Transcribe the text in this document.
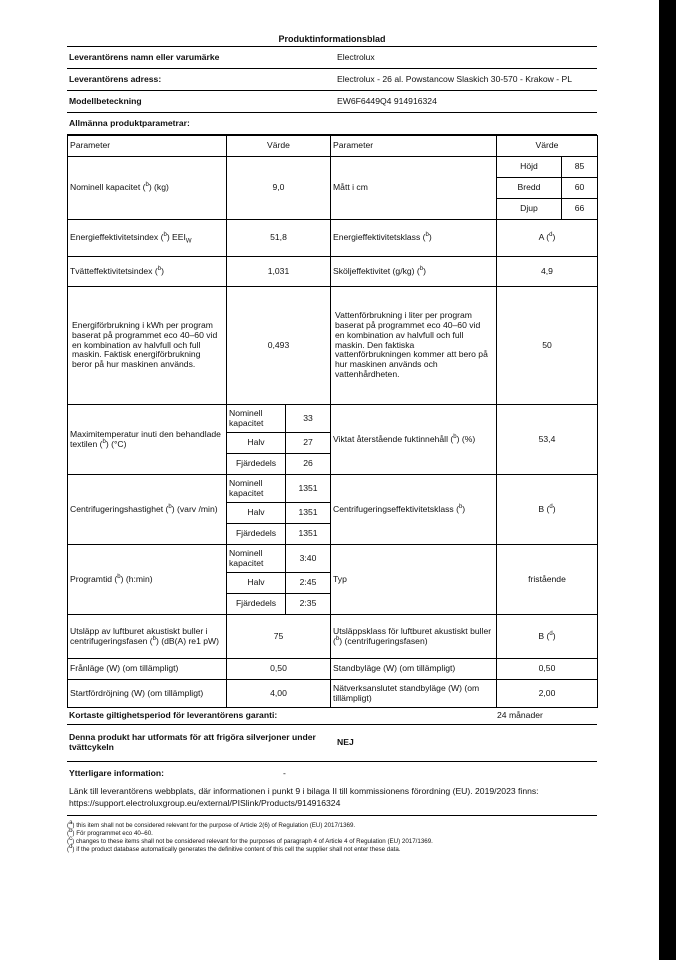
Produktinformationsblad
Leverantörens namn eller varumärke	Electrolux
Leverantörens adress:	Electrolux - 26 al. Powstancow Slaskich 30-570 - Krakow - PL
Modellbeteckning	EW6F6449Q4 914916324
Allmänna produktparametrar:
Parameter	Värde		Parameter	Värde	
Nominell kapacitet ($^b$) (kg)	9,0		Mått i cm	Höjd	85
				Bredd	60
				Djup	66
Energieffektivitetsindex ($^b$) $EEI_W$	51,8		Energieffektivitetsklass ($^b$)	A ($^d$)	
Tvätteffektivitetsindex ($^b$)	1,031		Sköljeffektivitet (g/kg) ($^b$)	4,9	
Energiförbrukning i kWh per program baserat på programmet eco 40–60 vid en kombination av halvfull och full maskin. Faktisk energiförbrukning beror på hur maskinen används.	0,493		Vattenförbrukning i liter per program baserat på programmet eco 40–60 vid en kombination av halvfull och full maskin. Den faktiska vattenförbrukningen kommer att bero på hur maskinen används och vattenhårdheten.	50	
Maximitemperatur inuti den behandlade textilen ($^b$) (°C)	Nominell kapacitet	33	Viktat återstående fuktinnehåll ($^b$) (%)	53,4	
	Halv	27			
	Fjärdedels	26			
Centrifugeringshastighet ($^b$) (varv /min)	Nominell kapacitet	1351	Centrifugeringseffektivitetsklass ($^b$)	B ($^d$)	
	Halv	1351			
	Fjärdedels	1351			
Programtid ($^b$) (h:min)	Nominell kapacitet	3:40	Typ	fristående	
	Halv	2:45			
	Fjärdedels	2:35			
Utsläpp av luftburet akustiskt buller i centrifugeringsfasen ($^b$) (dB(A) re1 pW)	75		Utsläppsklass för luftburet akustiskt buller ($^b$) (centrifugeringsfasen)	B ($^d$)	
Frånläge (W) (om tillämpligt)	0,50		Standbyläge (W) (om tillämpligt)	0,50	
Startfördröjning (W) (om tillämpligt)	4,00		Nätverksanslutet standbyläge (W) (om tillämpligt)	2,00	
Kortaste giltighetsperiod för leverantörens garanti:	24 månader
Denna produkt har utformats för att frigöra silverjoner under tvättcykeln	NEJ
Ytterligare information:	-
Länk till leverantörens webbplats, där informationen i punkt 9 i bilaga II till kommissionens förordning (EU). 2019/2023 finns: https://support.electroluxgroup.eu/external/PISlink/Products/914916324
($^a$) this item shall not be considered relevant for the purpose of Article 2(6) of Regulation (EU) 2017/1369.
($^b$) För programmet eco 40–60.
($^c$) changes to these items shall not be considered relevant for the purposes of paragraph 4 of Article 4 of Regulation (EU) 2017/1369.
($^d$) if the product database automatically generates the definitive content of this cell the supplier shall not enter these data.
